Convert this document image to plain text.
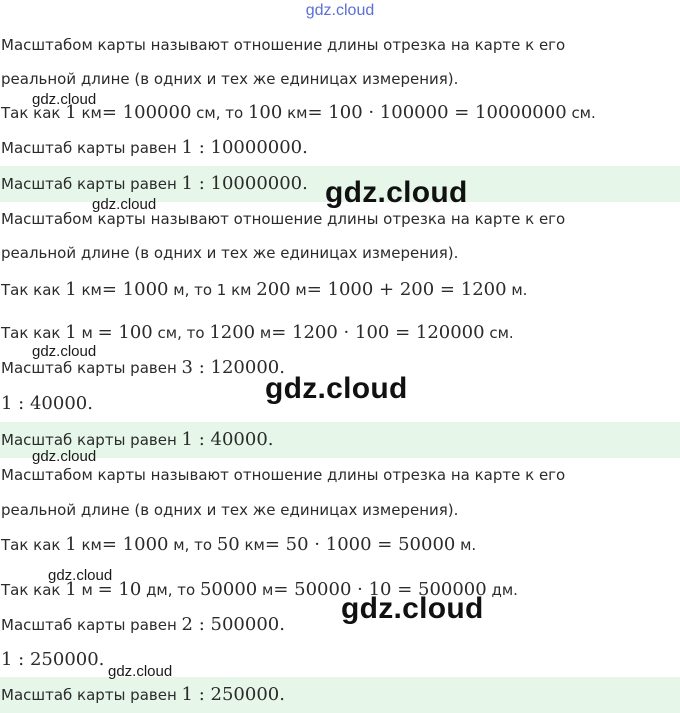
gdz.cloud
Масштабом карты называют отношение длины отрезка на карте к его
реальной длине (в одних и тех же единицах измерения).
Так как 1 км= 100000 см, то 100 км= 100 · 100000 = 10000000 см.
Масштаб карты равен 1 : 10000000.
Масштаб карты равен 1 : 10000000.
Масштабом карты называют отношение длины отрезка на карте к его
реальной длине (в одних и тех же единицах измерения).
Так как 1 км= 1000 м, то 1 км 200 м= 1000 + 200 = 1200 м.
Так как 1 м = 100 см, то 1200 м= 1200 · 100 = 120000 см.
Масштаб карты равен 3 : 120000.
1 : 40000.
Масштаб карты равен 1 : 40000.
Масштабом карты называют отношение длины отрезка на карте к его
реальной длине (в одних и тех же единицах измерения).
Так как 1 км= 1000 м, то 50 км= 50 · 1000 = 50000 м.
Так как 1 м = 10 дм, то 50000 м= 50000 · 10 = 500000 дм.
Масштаб карты равен 2 : 500000.
1 : 250000.
Масштаб карты равен 1 : 250000.
gdz.cloud
gdz.cloud
gdz.cloud
gdz.cloud
gdz.cloud
gdz.cloud
gdz.cloud
gdz.cloud
gdz.cloud
